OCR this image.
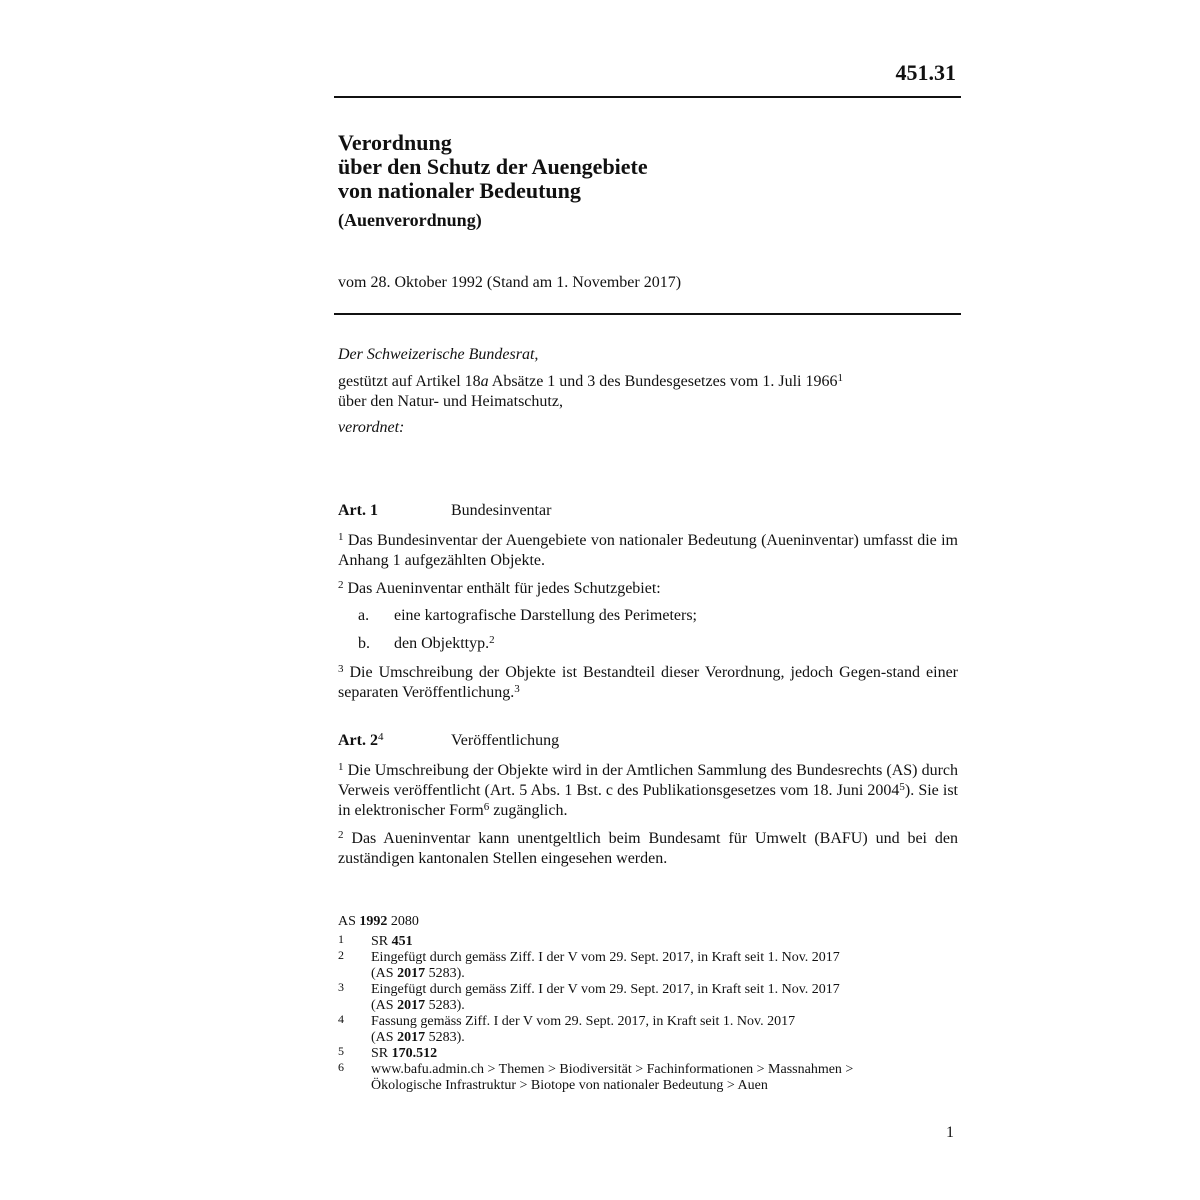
451.31
Verordnung
über den Schutz der Auengebiete
von nationaler Bedeutung
(Auenverordnung)
vom 28. Oktober 1992 (Stand am 1. November 2017)
Der Schweizerische Bundesrat,
gestützt auf Artikel 18a Absätze 1 und 3 des Bundesgesetzes vom 1. Juli 1966$^1$
über den Natur- und Heimatschutz,
verordnet:
Art. 1	Bundesinventar
$^1$ Das Bundesinventar der Auengebiete von nationaler Bedeutung (Aueninventar) umfasst die im Anhang 1 aufgezählten Objekte.
$^2$ Das Aueninventar enthält für jedes Schutzgebiet:
a. eine kartografische Darstellung des Perimeters;
b. den Objekttyp.$^2$
$^3$ Die Umschreibung der Objekte ist Bestandteil dieser Verordnung, jedoch Gegen-stand einer separaten Veröffentlichung.$^3$
Art. $2^4$	Veröffentlichung
$^1$ Die Umschreibung der Objekte wird in der Amtlichen Sammlung des Bundesrechts (AS) durch Verweis veröffentlicht (Art. 5 Abs. 1 Bst. c des Publikationsgesetzes vom 18. Juni 2004$^5$). Sie ist in elektronischer Form$^6$ zugänglich.
$^2$ Das Aueninventar kann unentgeltlich beim Bundesamt für Umwelt (BAFU) und bei den zuständigen kantonalen Stellen eingesehen werden.
AS 1992 2080
1 SR 451
2 Eingefügt durch gemäss Ziff. I der V vom 29. Sept. 2017, in Kraft seit 1. Nov. 2017
(AS 2017 5283).
3 Eingefügt durch gemäss Ziff. I der V vom 29. Sept. 2017, in Kraft seit 1. Nov. 2017
(AS 2017 5283).
4 Fassung gemäss Ziff. I der V vom 29. Sept. 2017, in Kraft seit 1. Nov. 2017
(AS 2017 5283).
5 SR 170.512
6 www.bafu.admin.ch > Themen > Biodiversität > Fachinformationen > Massnahmen >
Ökologische Infrastruktur > Biotope von nationaler Bedeutung > Auen
1
